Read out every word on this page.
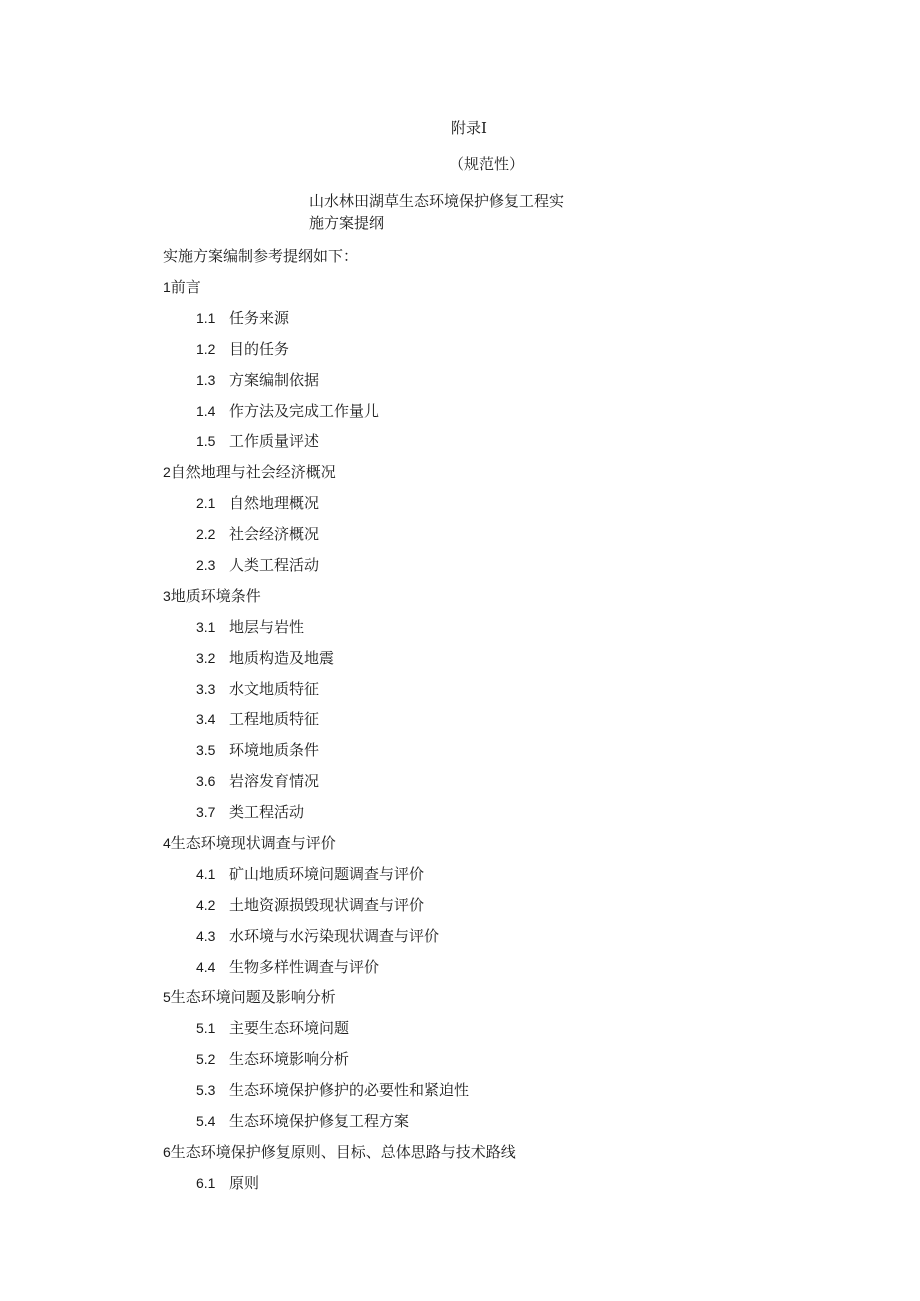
附录I
（规范性）
山水林田湖草生态环境保护修复工程实施方案提纲
实施方案编制参考提纲如下：
1 前言
1.1 任务来源
1.2 目的任务
1.3 方案编制依据
1.4 作方法及完成工作量儿
1.5 工作质量评述
2 自然地理与社会经济概况
2.1 自然地理概况
2.2 社会经济概况
2.3 人类工程活动
3 地质环境条件
3.1 地层与岩性
3.2 地质构造及地震
3.3 水文地质特征
3.4 工程地质特征
3.5 环境地质条件
3.6 岩溶发育情况
3.7 类工程活动
4 生态环境现状调查与评价
4.1 矿山地质环境问题调查与评价
4.2 土地资源损毁现状调查与评价
4.3 水环境与水污染现状调查与评价
4.4 生物多样性调查与评价
5 生态环境问题及影响分析
5.1 主要生态环境问题
5.2 生态环境影响分析
5.3 生态环境保护修护的必要性和紧迫性
5.4 生态环境保护修复工程方案
6 生态环境保护修复原则、目标、总体思路与技术路线
6.1 原则
